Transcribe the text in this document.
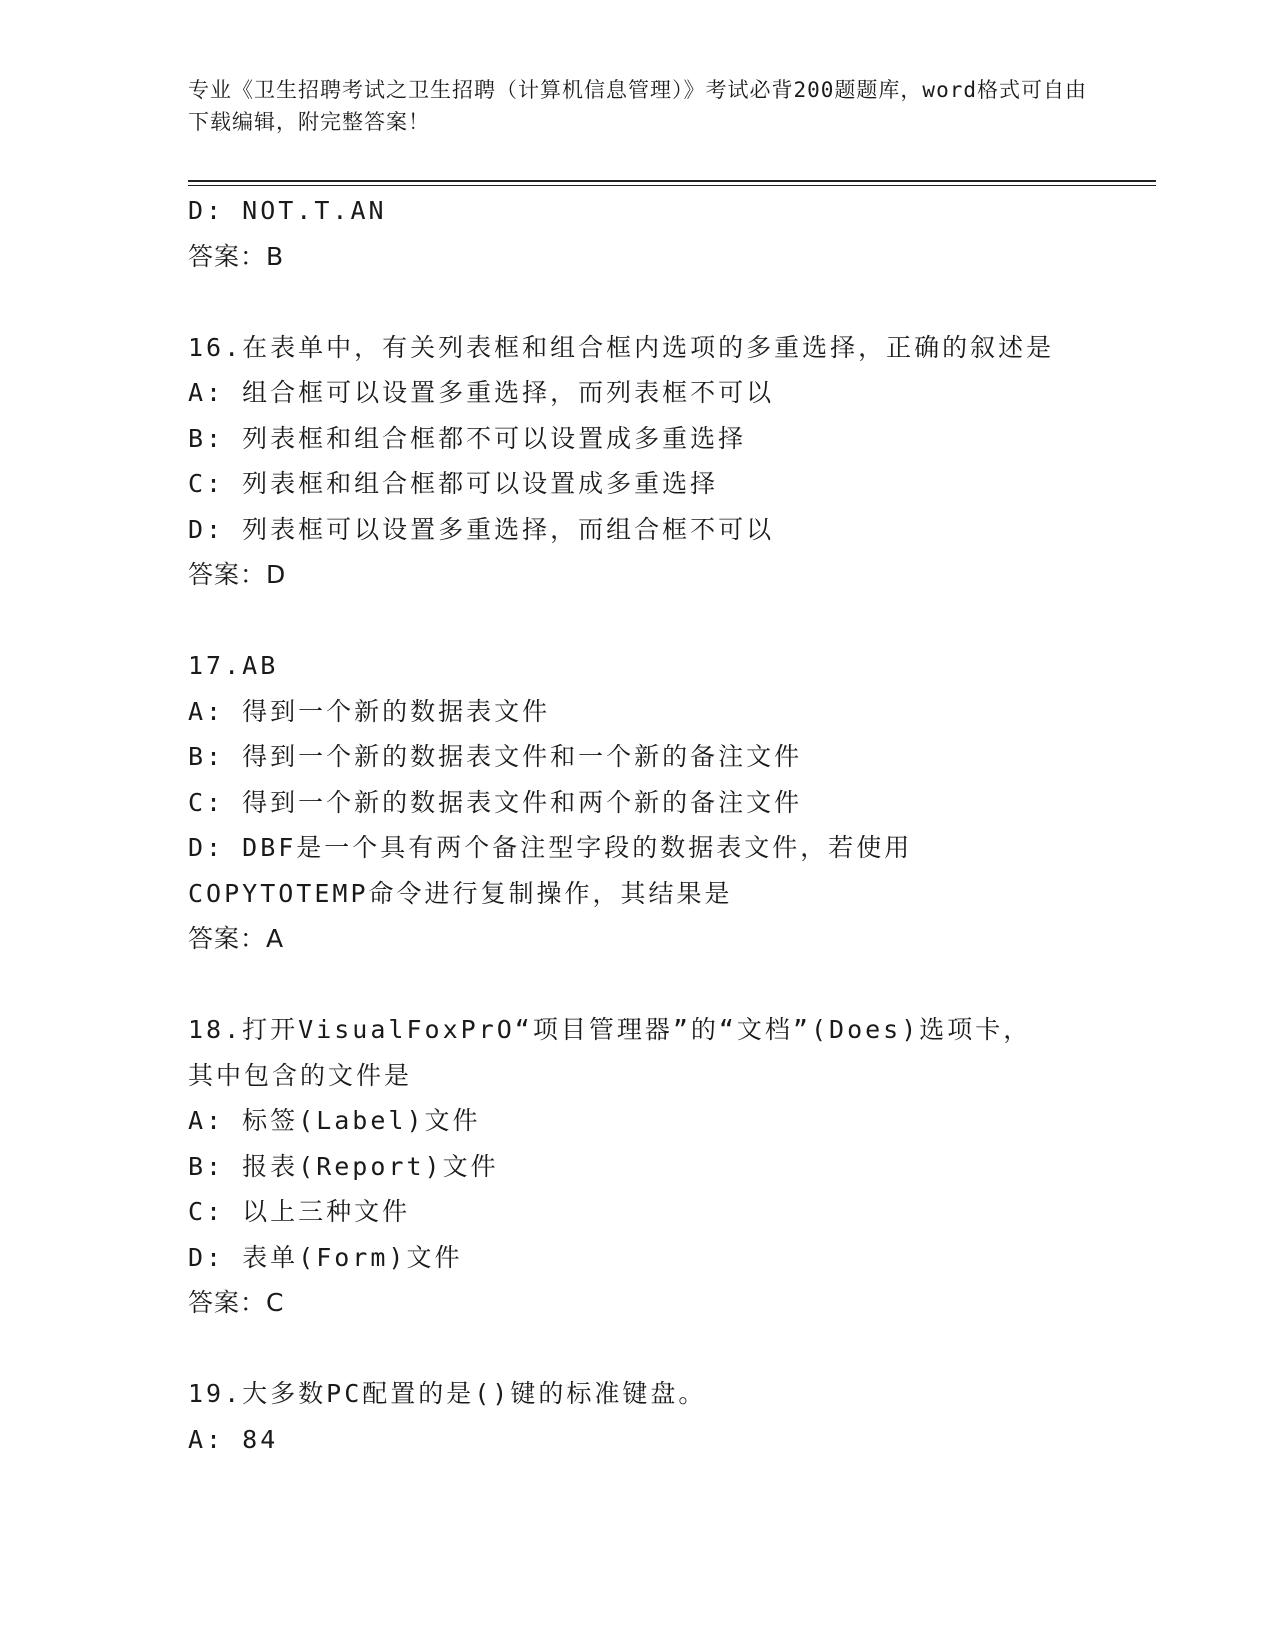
专业《卫生招聘考试之卫生招聘（计算机信息管理）》考试必背200题题库，word格式可自由下载编辑，附完整答案！
D: NOT.T.AN
答案：B
16.在表单中，有关列表框和组合框内选项的多重选择，正确的叙述是
A: 组合框可以设置多重选择，而列表框不可以
B: 列表框和组合框都不可以设置成多重选择
C: 列表框和组合框都可以设置成多重选择
D: 列表框可以设置多重选择，而组合框不可以
答案：D
17.AB
A: 得到一个新的数据表文件
B: 得到一个新的数据表文件和一个新的备注文件
C: 得到一个新的数据表文件和两个新的备注文件
D: DBF是一个具有两个备注型字段的数据表文件，若使用COPYTOTEMP命令进行复制操作，其结果是
答案：A
18.打开VisualFoxPrO“项目管理器”的“文档”(Does)选项卡，其中包含的文件是
A: 标签(Label)文件
B: 报表(Report)文件
C: 以上三种文件
D: 表单(Form)文件
答案：C
19.大多数PC配置的是()键的标准键盘。
A: 84
